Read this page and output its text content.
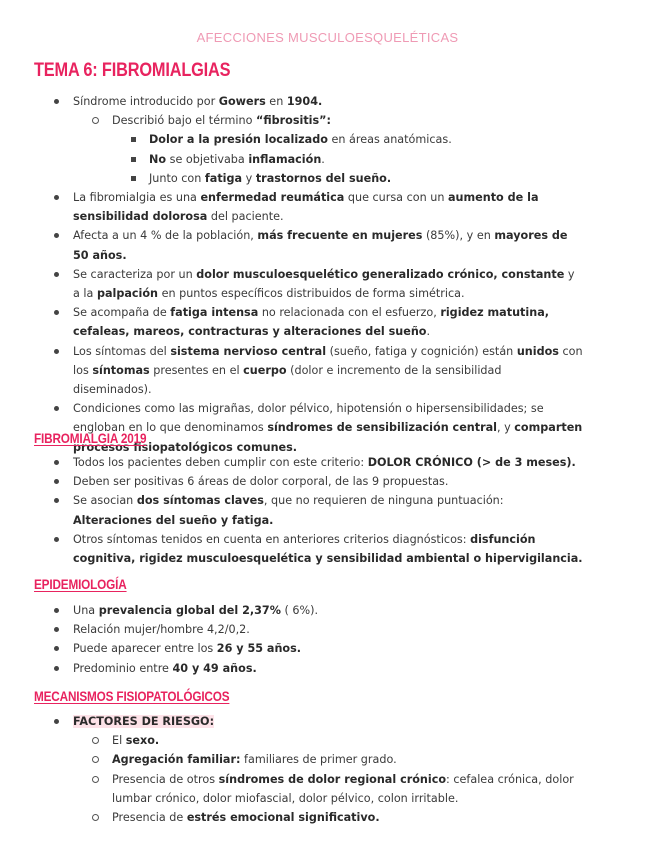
AFECCIONES MUSCULOESQUELÉTICAS
TEMA 6: FIBROMIALGIAS
Síndrome introducido por Gowers en 1904.
Describió bajo el término “fibrositis”:
Dolor a la presión localizado en áreas anatómicas.
No se objetivaba inflamación.
Junto con fatiga y trastornos del sueño.
La fibromialgia es una enfermedad reumática que cursa con un aumento de la sensibilidad dolorosa del paciente.
Afecta a un 4 % de la población, más frecuente en mujeres (85%), y en mayores de 50 años.
Se caracteriza por un dolor musculoesquelético generalizado crónico, constante y a la palpación en puntos específicos distribuidos de forma simétrica.
Se acompaña de fatiga intensa no relacionada con el esfuerzo, rigidez matutina, cefaleas, mareos, contracturas y alteraciones del sueño.
Los síntomas del sistema nervioso central (sueño, fatiga y cognición) están unidos con los síntomas presentes en el cuerpo (dolor e incremento de la sensibilidad diseminados).
Condiciones como las migrañas, dolor pélvico, hipotensión o hipersensibilidades; se engloban en lo que denominamos síndromes de sensibilización central, y comparten procesos fisiopatológicos comunes.
FIBROMIALGIA 2019
Todos los pacientes deben cumplir con este criterio: DOLOR CRÓNICO (> de 3 meses).
Deben ser positivas 6 áreas de dolor corporal, de las 9 propuestas.
Se asocian dos síntomas claves, que no requieren de ninguna puntuación: Alteraciones del sueño y fatiga.
Otros síntomas tenidos en cuenta en anteriores criterios diagnósticos: disfunción cognitiva, rigidez musculoesquelética y sensibilidad ambiental o hipervigilancia.
EPIDEMIOLOGÍA
Una prevalencia global del 2,37% ( 6%).
Relación mujer/hombre 4,2/0,2.
Puede aparecer entre los 26 y 55 años.
Predominio entre 40 y 49 años.
MECANISMOS FISIOPATOLÓGICOS
FACTORES DE RIESGO:
El sexo.
Agregación familiar: familiares de primer grado.
Presencia de otros síndromes de dolor regional crónico: cefalea crónica, dolor lumbar crónico, dolor miofascial, dolor pélvico, colon irritable.
Presencia de estrés emocional significativo.
